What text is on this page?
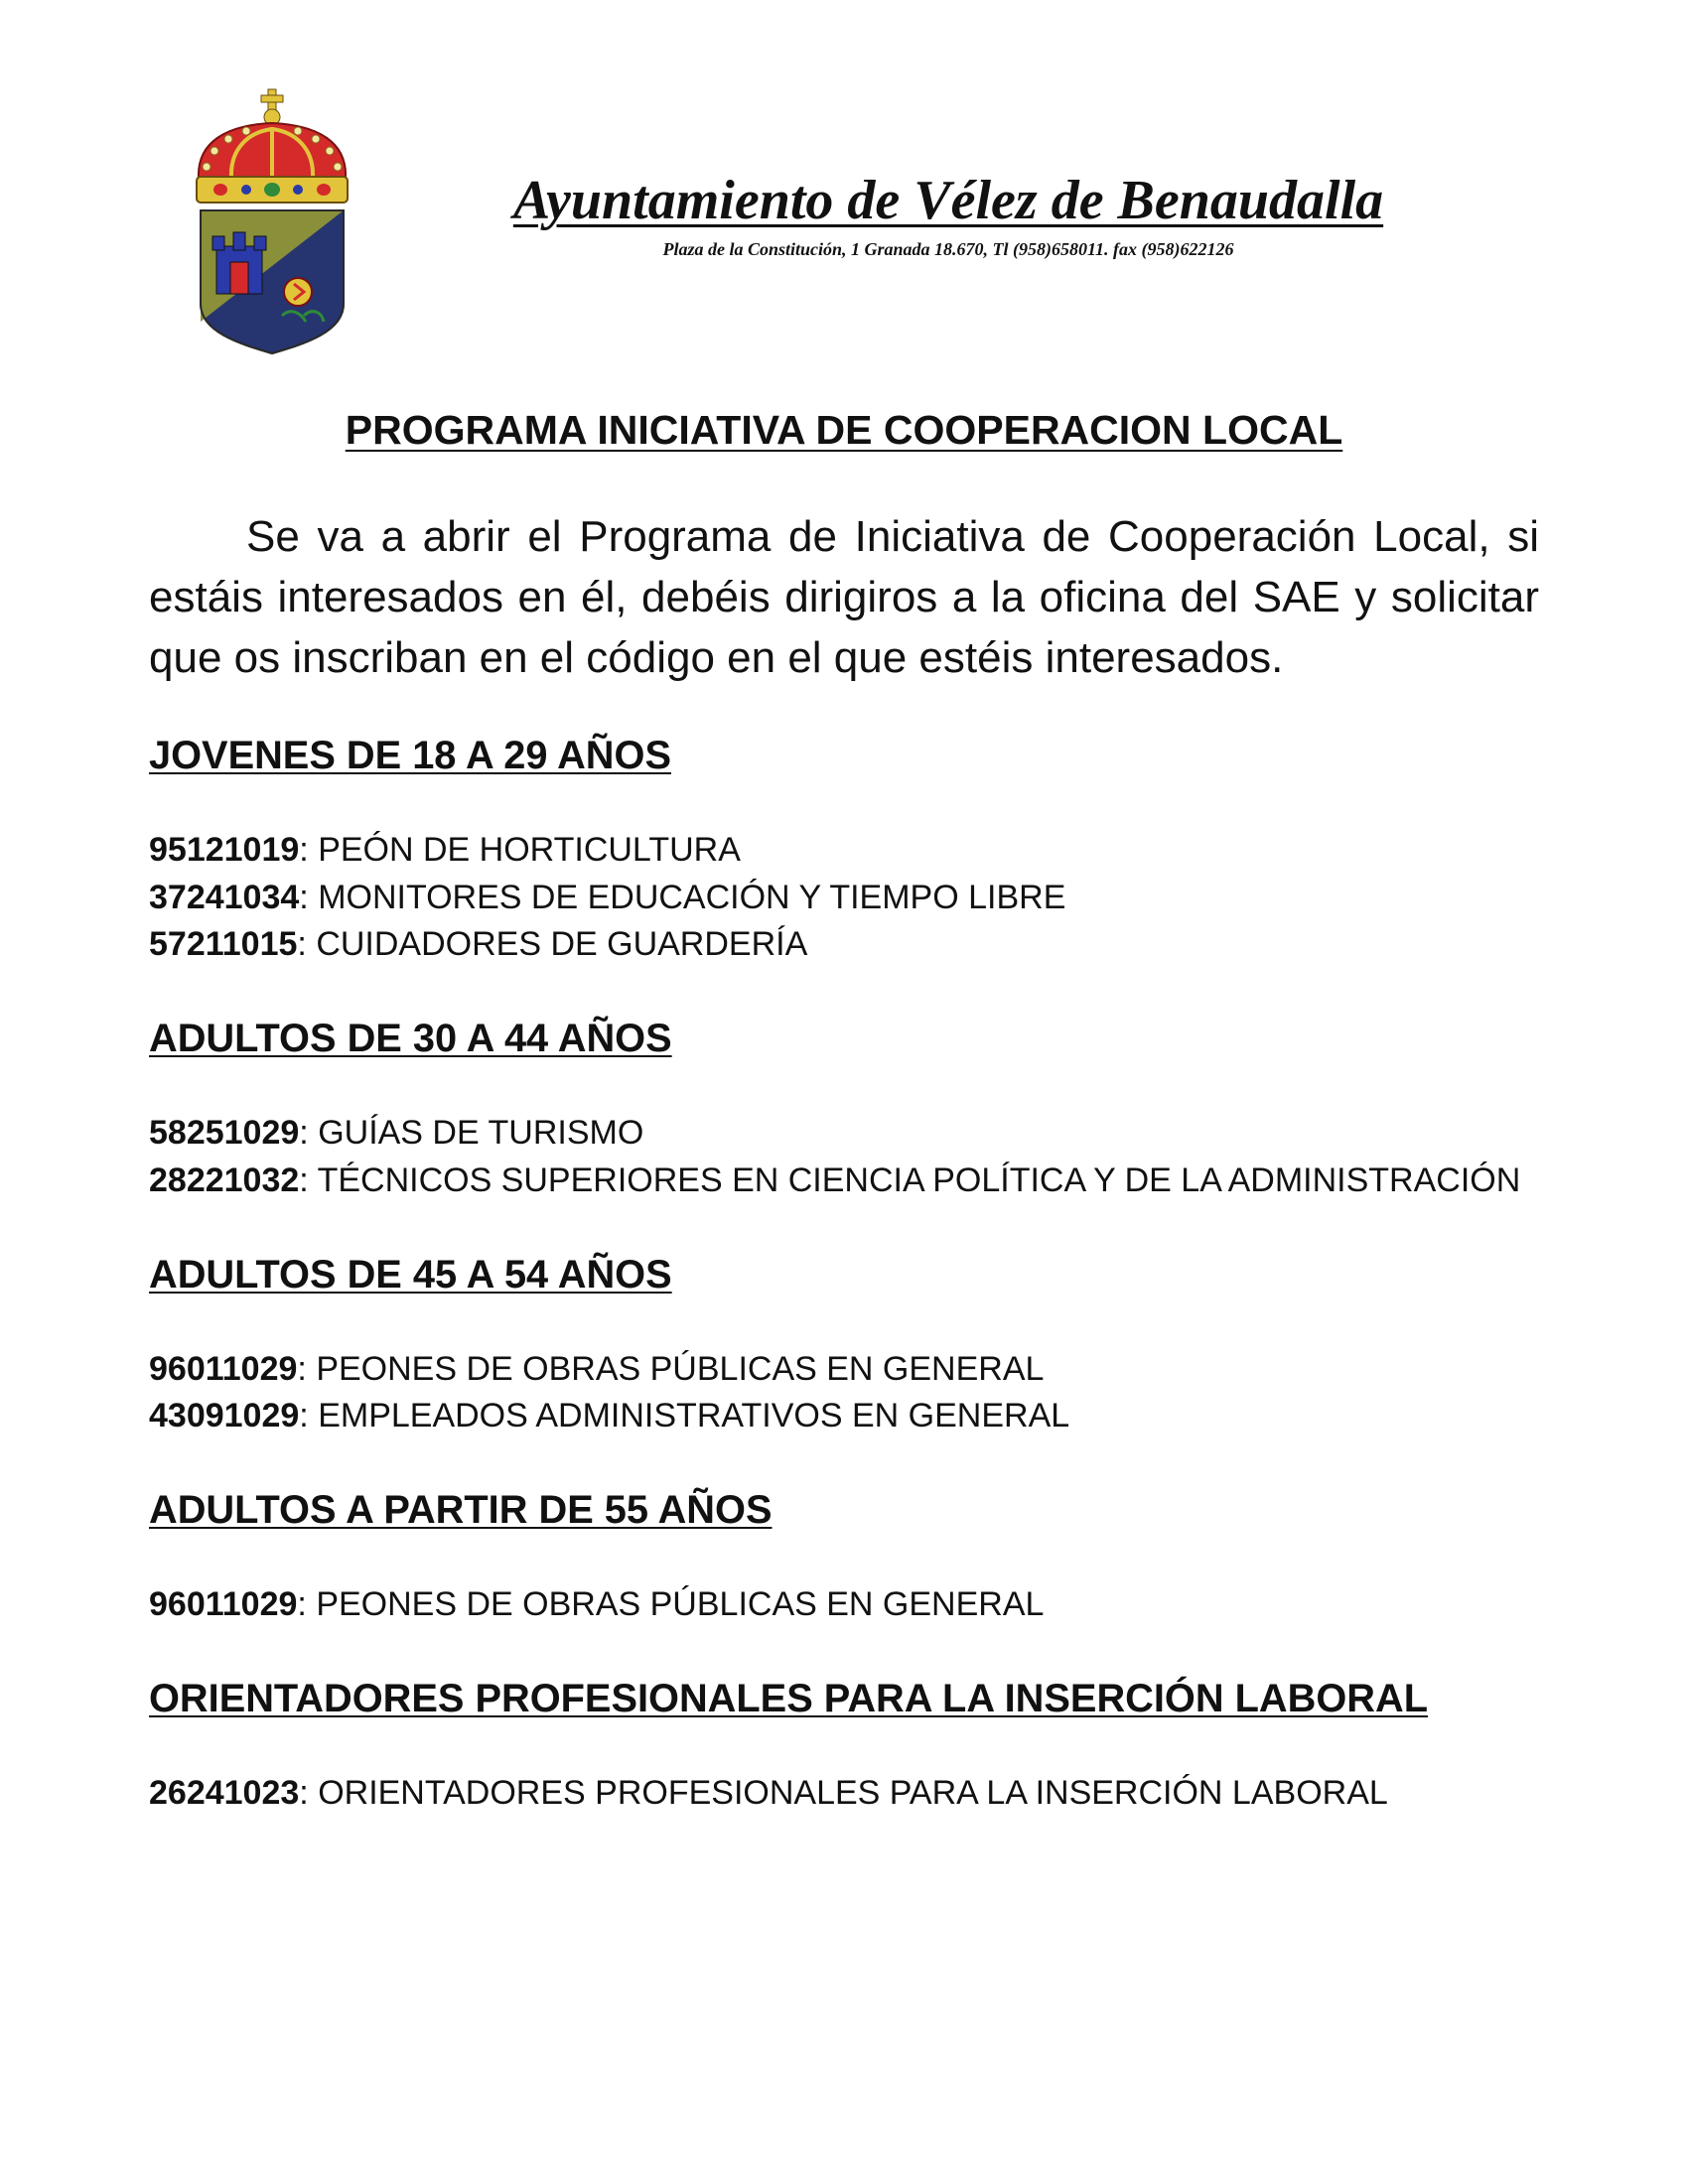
Ayuntamiento de Vélez de Benaudalla
Plaza de la Constitución, 1 Granada 18.670, Tl (958)658011. fax (958)622126
PROGRAMA INICIATIVA DE COOPERACION LOCAL

Se va a abrir el Programa de Iniciativa de Cooperación Local, si estáis interesados en él, debéis dirigiros a la oficina del SAE y solicitar que os inscriban en el código en el que estéis interesados.

JOVENES DE 18 A 29 AÑOS
95121019: PEÓN DE HORTICULTURA
37241034: MONITORES DE EDUCACIÓN Y TIEMPO LIBRE
57211015: CUIDADORES DE GUARDERÍA
ADULTOS DE 30 A 44 AÑOS
58251029: GUÍAS DE TURISMO
28221032: TÉCNICOS SUPERIORES EN CIENCIA POLÍTICA Y DE LA ADMINISTRACIÓN
ADULTOS DE 45 A 54 AÑOS
96011029: PEONES DE OBRAS PÚBLICAS EN GENERAL
43091029: EMPLEADOS ADMINISTRATIVOS EN GENERAL
ADULTOS A PARTIR DE 55 AÑOS
96011029: PEONES DE OBRAS PÚBLICAS EN GENERAL
ORIENTADORES PROFESIONALES PARA LA INSERCIÓN LABORAL
26241023: ORIENTADORES PROFESIONALES PARA LA INSERCIÓN LABORAL
